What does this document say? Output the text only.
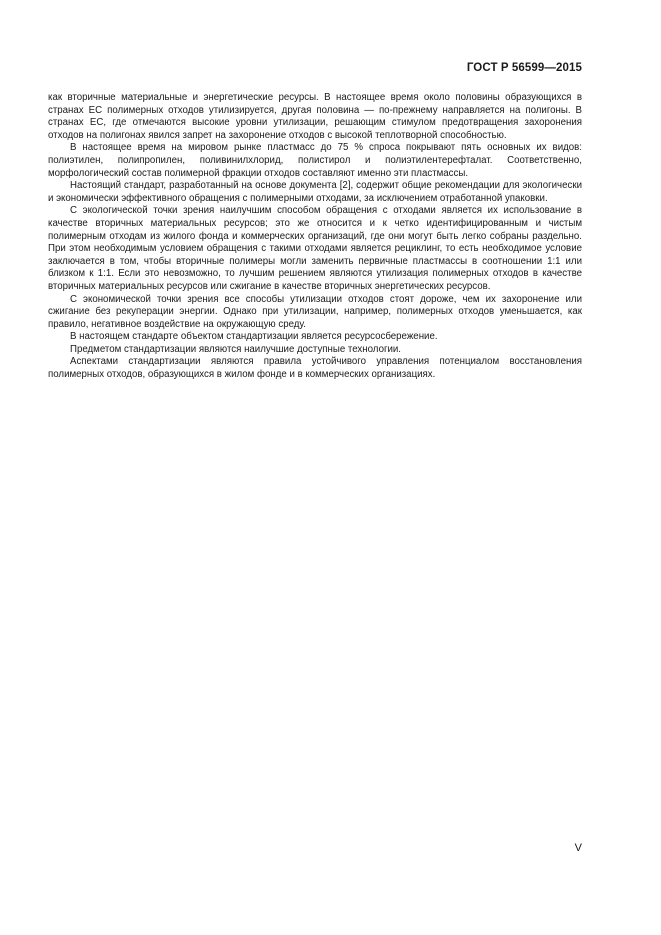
ГОСТ Р 56599—2015

как вторичные материальные и энергетические ресурсы. В настоящее время около половины образующихся в странах ЕС полимерных отходов утилизируется, другая половина — по-прежнему направляется на полигоны. В странах ЕС, где отмечаются высокие уровни утилизации, решающим стимулом предотвращения захоронения отходов на полигонах явился запрет на захоронение отходов с высокой теплотворной способностью.

В настоящее время на мировом рынке пластмасс до 75 % спроса покрывают пять основных их видов: полиэтилен, полипропилен, поливинилхлорид, полистирол и полиэтилентерефталат. Соответственно, морфологический состав полимерной фракции отходов составляют именно эти пластмассы.

Настоящий стандарт, разработанный на основе документа [2], содержит общие рекомендации для экологически и экономически эффективного обращения с полимерными отходами, за исключением отработанной упаковки.

С экологической точки зрения наилучшим способом обращения с отходами является их использование в качестве вторичных материальных ресурсов; это же относится и к четко идентифицированным и чистым полимерным отходам из жилого фонда и коммерческих организаций, где они могут быть легко собраны раздельно. При этом необходимым условием обращения с такими отходами является рециклинг, то есть необходимое условие заключается в том, чтобы вторичные полимеры могли заменить первичные пластмассы в соотношении 1:1 или близком к 1:1. Если это невозможно, то лучшим решением являются утилизация полимерных отходов в качестве вторичных материальных ресурсов или сжигание в качестве вторичных энергетических ресурсов.

С экономической точки зрения все способы утилизации отходов стоят дороже, чем их захоронение или сжигание без рекуперации энергии. Однако при утилизации, например, полимерных отходов уменьшается, как правило, негативное воздействие на окружающую среду.

В настоящем стандарте объектом стандартизации является ресурсосбережение.

Предметом стандартизации являются наилучшие доступные технологии.

Аспектами стандартизации являются правила устойчивого управления потенциалом восстановления полимерных отходов, образующихся в жилом фонде и в коммерческих организациях.

V
